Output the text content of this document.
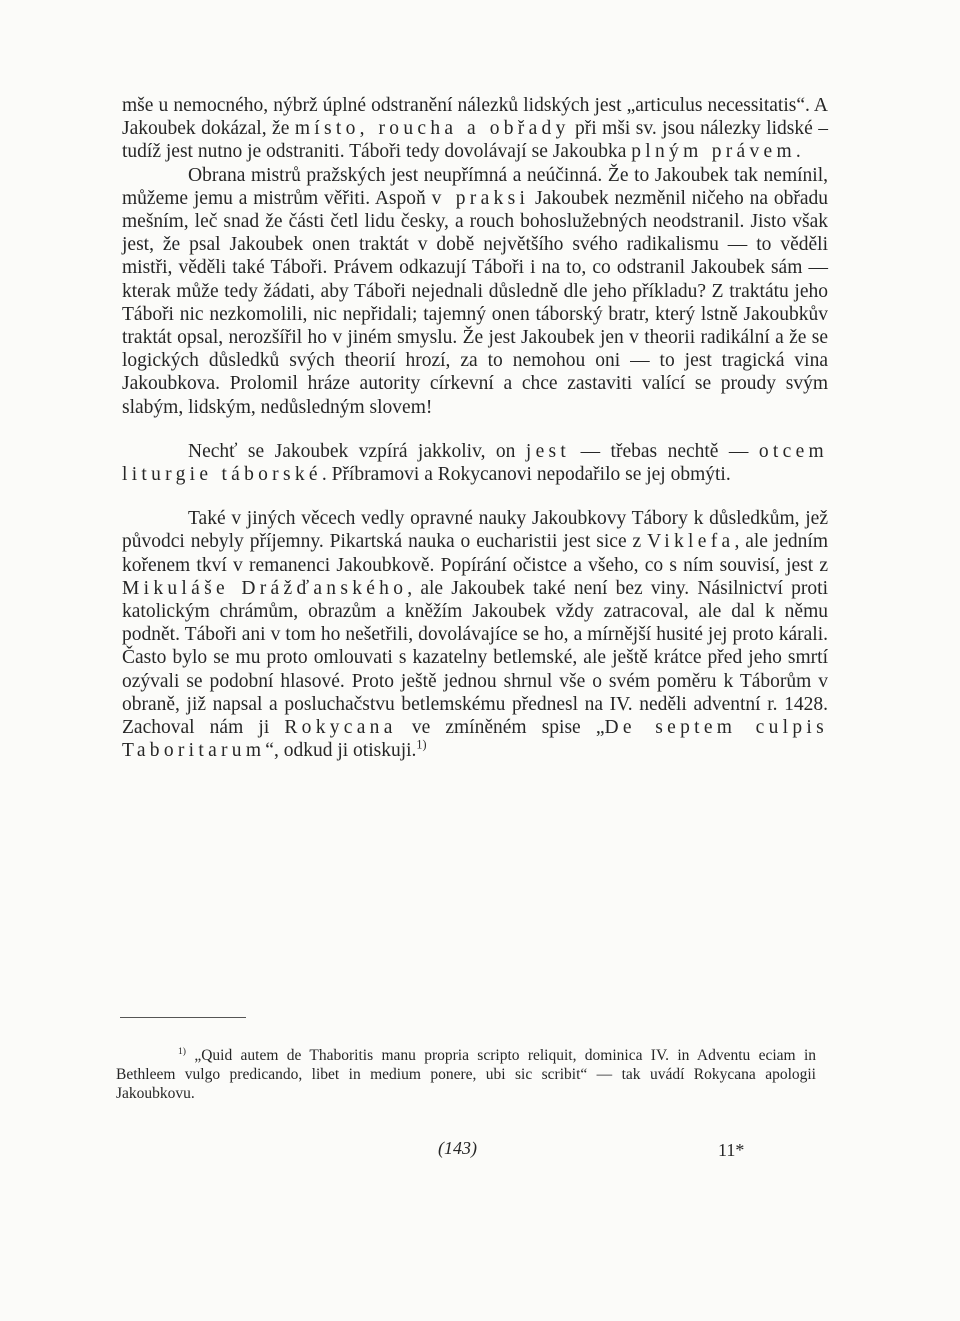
mše u nemocného, nýbrž úplné odstranění nálezků lidských jest „articulus necessitatis“. A Jakoubek dokázal, že místo, roucha a obřady při mši sv. jsou nálezky lidské – tudíž jest nutno je odstraniti. Táboři tedy dovolávají se Jakoubka plným právem.

Obrana mistrů pražských jest neupřímná a neúčinná. Že to Jakoubek tak nemínil, můžeme jemu a mistrům věřiti. Aspoň v praksi Jakoubek nezměnil ničeho na obřadu mešním, leč snad že části četl lidu česky, a rouch bohoslužebných neodstranil. Jisto však jest, že psal Jakoubek onen traktát v době největšího svého radikalismu — to věděli mistři, věděli také Táboři. Právem odkazují Táboři i na to, co odstranil Jakoubek sám — kterak může tedy žádati, aby Táboři nejednali důsledně dle jeho příkladu? Z traktátu jeho Táboři nic nezkomolili, nic nepřidali; tajemný onen táborský bratr, který lstně Jakoubkův traktát opsal, nerozšířil ho v jiném smyslu. Že jest Jakoubek jen v theorii radikální a že se logických důsledků svých theorií hrozí, za to nemohou oni — to jest tragická vina Jakoubkova. Prolomil hráze autority církevní a chce zastaviti valící se proudy svým slabým, lidským, nedůsledným slovem!

Nechť se Jakoubek vzpírá jakkoliv, on jest — třebas nechtě — otcem liturgie táborské. Příbramovi a Rokycanovi nepodařilo se jej obmýti.

Také v jiných věcech vedly opravné nauky Jakoubkovy Tábory k důsledkům, jež původci nebyly příjemny. Pikartská nauka o eucharistii jest sice z Viklefa, ale jedním kořenem tkví v remanenci Jakoubkově. Popírání očistce a všeho, co s ním souvisí, jest z Mikuláše Drážďanského, ale Jakoubek také není bez viny. Násilnictví proti katolickým chrámům, obrazům a kněžím Jakoubek vždy zatracoval, ale dal k němu podnět. Táboři ani v tom ho nešetřili, dovolávajíce se ho, a mírnější husité jej proto kárali. Často bylo se mu proto omlouvati s kazatelny betlemské, ale ještě krátce před jeho smrtí ozývali se podobní hlasové. Proto ještě jednou shrnul vše o svém poměru k Táborům v obraně, již napsal a posluchačstvu betlemskému přednesl na IV. neděli adventní r. 1428. Zachoval nám ji Rokycana ve zmíněném spise „De septem culpis Taboritarum“, odkud ji otiskuji.$^{1)}$

$^{1)}$ „Quid autem de Thaboritis manu propria scripto reliquit, dominica IV. in Adventu eciam in Bethleem vulgo predicando, libet in medium ponere, ubi sic scribit“ — tak uvádí Rokycana apologii Jakoubkovu.

(143)	11*
